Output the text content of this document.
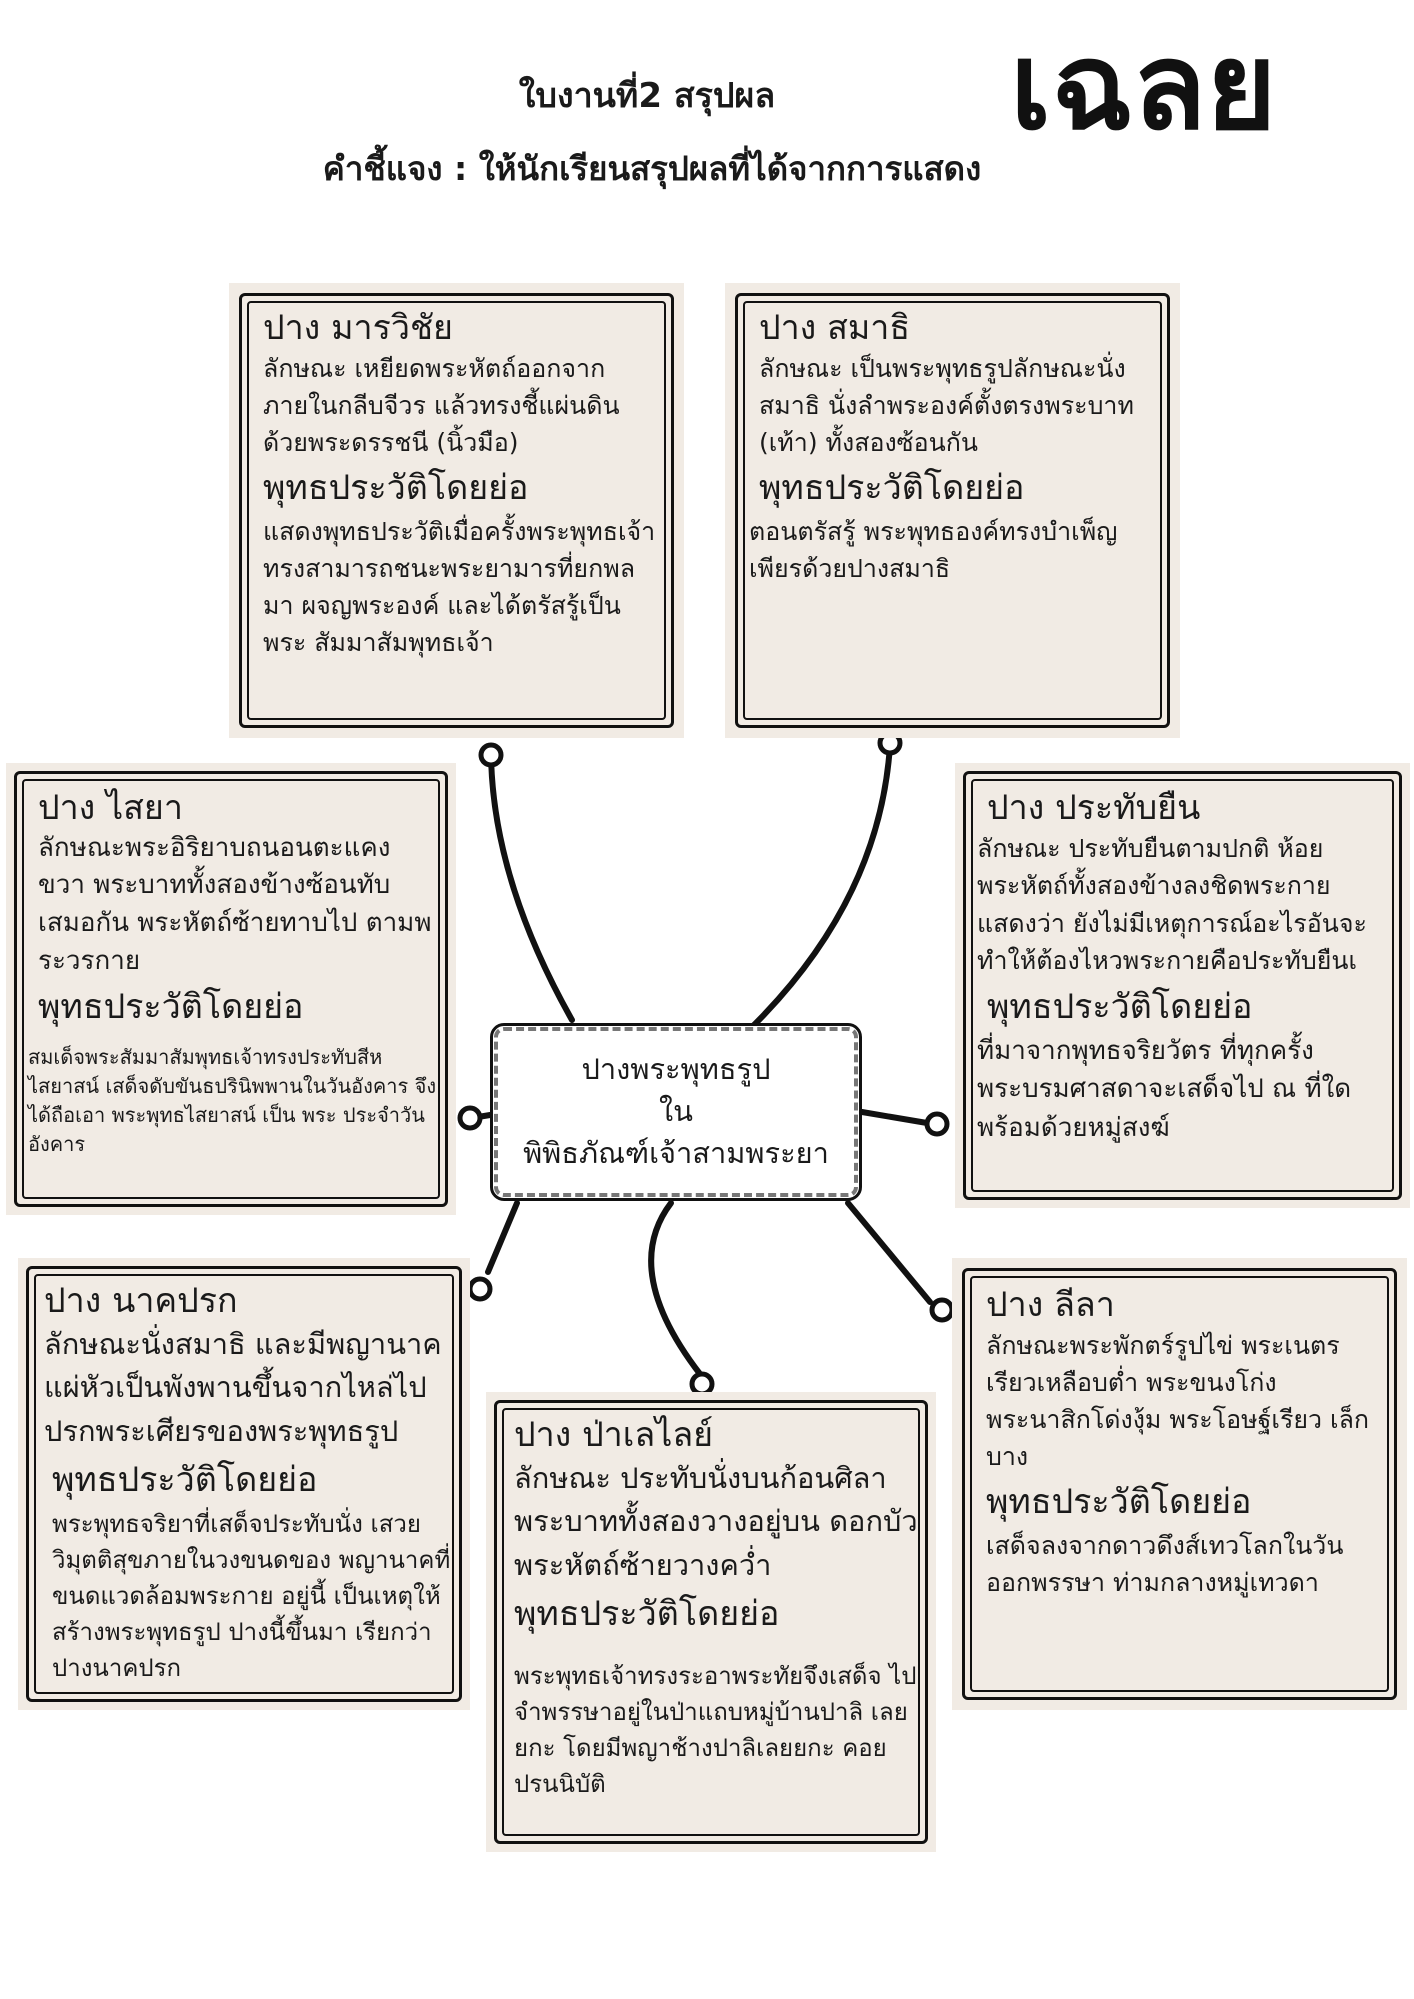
เฉลย
ใบงานที่2 สรุปผล
คำชี้แจง : ให้นักเรียนสรุปผลที่ได้จากการแสดง
ปาง มารวิชัย
ลักษณะ เหยียดพระหัตถ์ออกจาก ภายในกลีบจีวร แล้วทรงชี้แผ่นดิน ด้วยพระดรรชนี (นิ้วมือ)
พุทธประวัติโดยย่อ
แสดงพุทธประวัติเมื่อครั้งพระพุทธเจ้า ทรงสามารถชนะพระยามารที่ยกพลมา ผจญพระองค์ และได้ตรัสรู้เป็นพระ สัมมาสัมพุทธเจ้า
ปาง สมาธิ
ลักษณะ เป็นพระพุทธรูปลักษณะนั่ง สมาธิ นั่งลำพระองค์ตั้งตรงพระบาท (เท้า) ทั้งสองซ้อนกัน
พุทธประวัติโดยย่อ
ตอนตรัสรู้ พระพุทธองค์ทรงบำเพ็ญ เพียรด้วยปางสมาธิ
ปาง ไสยา
ลักษณะพระอิริยาบถนอนตะแคง ขวา พระบาททั้งสองข้างซ้อนทับ เสมอกัน พระหัตถ์ซ้ายทาบไป ตามพระวรกาย
พุทธประวัติโดยย่อ
สมเด็จพระสัมมาสัมพุทธเจ้าทรงประทับสีห ไสยาสน์ เสด็จดับขันธปรินิพพานในวันอังคาร จึงได้ถือเอา พระพุทธไสยาสน์ เป็น พระ ประจำวันอังคาร
ปาง ประทับยืน
ลักษณะ ประทับยืนตามปกติ ห้อย พระหัตถ์ทั้งสองข้างลงชิดพระกาย แสดงว่า ยังไม่มีเหตุการณ์อะไรอันจะ ทำให้ต้องไหวพระกายคือประทับยืนเ
พุทธประวัติโดยย่อ
ที่มาจากพุทธจริยวัตร ที่ทุกครั้ง พระบรมศาสดาจะเสด็จไป ณ ที่ใด พร้อมด้วยหมู่สงฆ์
ปาง นาคปรก
ลักษณะนั่งสมาธิ และมีพญานาค แผ่หัวเป็นพังพานขึ้นจากไหล่ไป ปรกพระเศียรของพระพุทธรูป
พุทธประวัติโดยย่อ
พระพุทธจริยาที่เสด็จประทับนั่ง เสวยวิมุตติสุขภายในวงขนดของ พญานาคที่ขนดแวดล้อมพระกาย อยู่นี้ เป็นเหตุให้สร้างพระพุทธรูป ปางนี้ขึ้นมา เรียกว่า ปางนาคปรก
ปาง ป่าเลไลย์
ลักษณะ ประทับนั่งบนก้อนศิลา พระบาททั้งสองวางอยู่บน ดอกบัว พระหัตถ์ซ้ายวางคว่ำ
พุทธประวัติโดยย่อ
พระพุทธเจ้าทรงระอาพระทัยจึงเสด็จ ไปจำพรรษาอยู่ในป่าแถบหมู่บ้านปาลิ เลยยกะ โดยมีพญาช้างปาลิเลยยกะ คอยปรนนิบัติ
ปาง ลีลา
ลักษณะพระพักตร์รูปไข่ พระเนตร เรียวเหลือบต่ำ พระขนงโก่ง พระนาสิกโด่งงุ้ม พระโอษฐ์เรียว เล็กบาง
พุทธประวัติโดยย่อ
เสด็จลงจากดาวดึงส์เทวโลกในวัน ออกพรรษา ท่ามกลางหมู่เทวดา
ปางพระพุทธรูป
ใน
พิพิธภัณฑ์เจ้าสามพระยา
